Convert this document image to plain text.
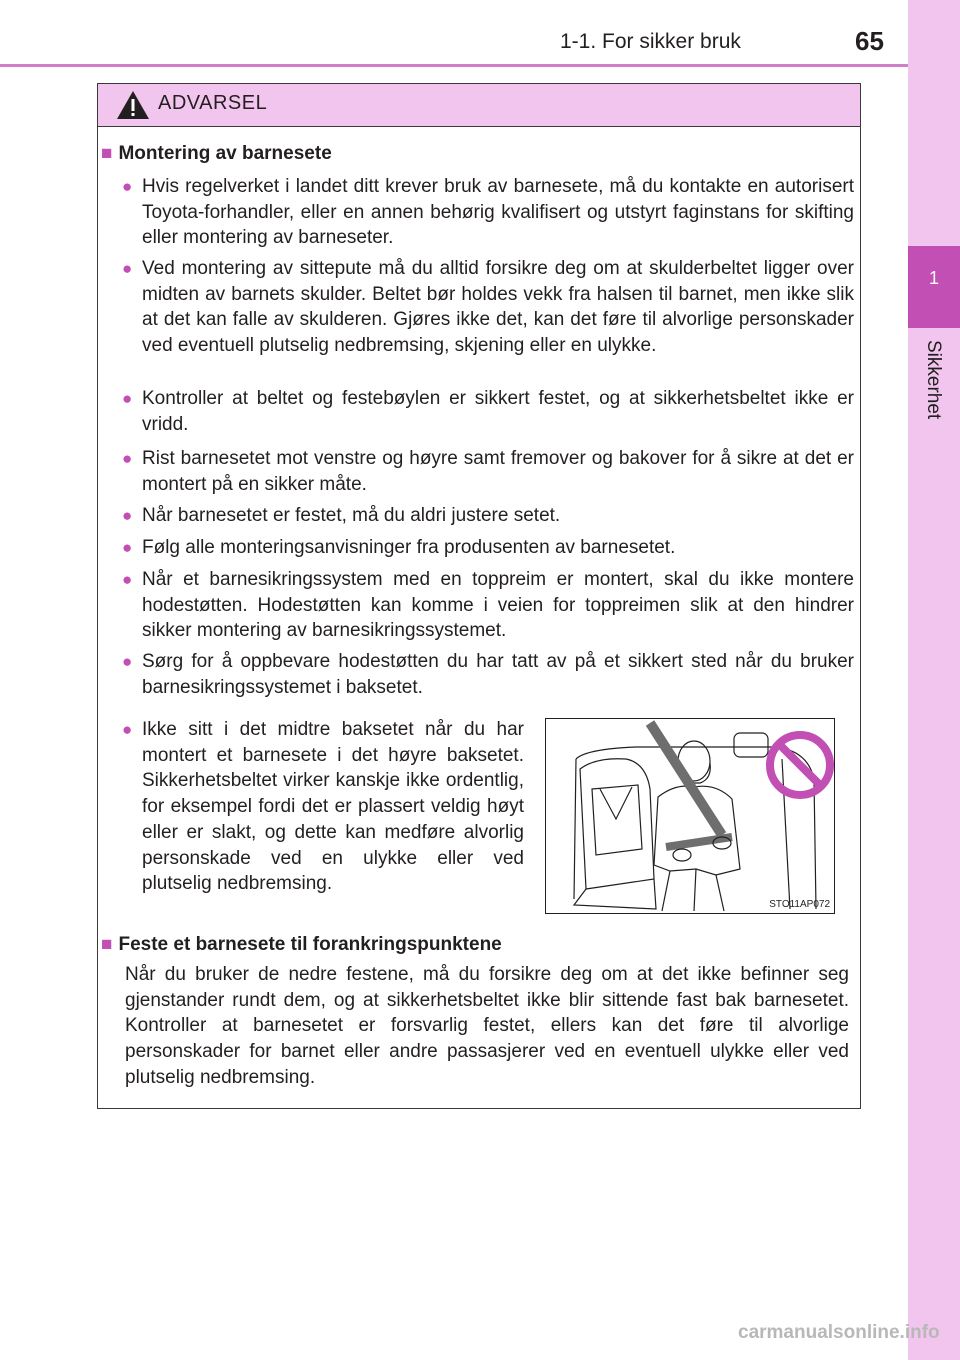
1-1. For sikker bruk	65
1
Sikkerhet
ADVARSEL
■ Montering av barnesete
● Hvis regelverket i landet ditt krever bruk av barnesete, må du kontakte en autorisert Toyota-forhandler, eller en annen behørig kvalifisert og utstyrt faginstans for skifting eller montering av barneseter.
● Ved montering av sittepute må du alltid forsikre deg om at skulderbeltet ligger over midten av barnets skulder. Beltet bør holdes vekk fra halsen til barnet, men ikke slik at det kan falle av skulderen. Gjøres ikke det, kan det føre til alvorlige personskader ved eventuell plutselig nedbremsing, skjening eller en ulykke.
● Kontroller at beltet og festebøylen er sikkert festet, og at sikkerhetsbeltet ikke er vridd.
● Rist barnesetet mot venstre og høyre samt fremover og bakover for å sikre at det er montert på en sikker måte.
● Når barnesetet er festet, må du aldri justere setet.
● Følg alle monteringsanvisninger fra produsenten av barnesetet.
● Når et barnesikringssystem med en toppreim er montert, skal du ikke montere hodestøtten. Hodestøtten kan komme i veien for toppreimen slik at den hindrer sikker montering av barnesikringssystemet.
● Sørg for å oppbevare hodestøtten du har tatt av på et sikkert sted når du bruker barnesikringssystemet i baksetet.
● Ikke sitt i det midtre baksetet når du har montert et barnesete i det høyre baksetet. Sikkerhetsbeltet virker kanskje ikke ordentlig, for eksempel fordi det er plassert veldig høyt eller er slakt, og dette kan medføre alvorlig personskade ved en ulykke eller ved plutselig nedbremsing.
STO11AP072
■ Feste et barnesete til forankringspunktene
Når du bruker de nedre festene, må du forsikre deg om at det ikke befinner seg gjenstander rundt dem, og at sikkerhetsbeltet ikke blir sittende fast bak barnesetet. Kontroller at barnesetet er forsvarlig festet, ellers kan det føre til alvorlige personskader for barnet eller andre passasjerer ved en eventuell ulykke eller ved plutselig nedbremsing.
carmanualsonline.info
